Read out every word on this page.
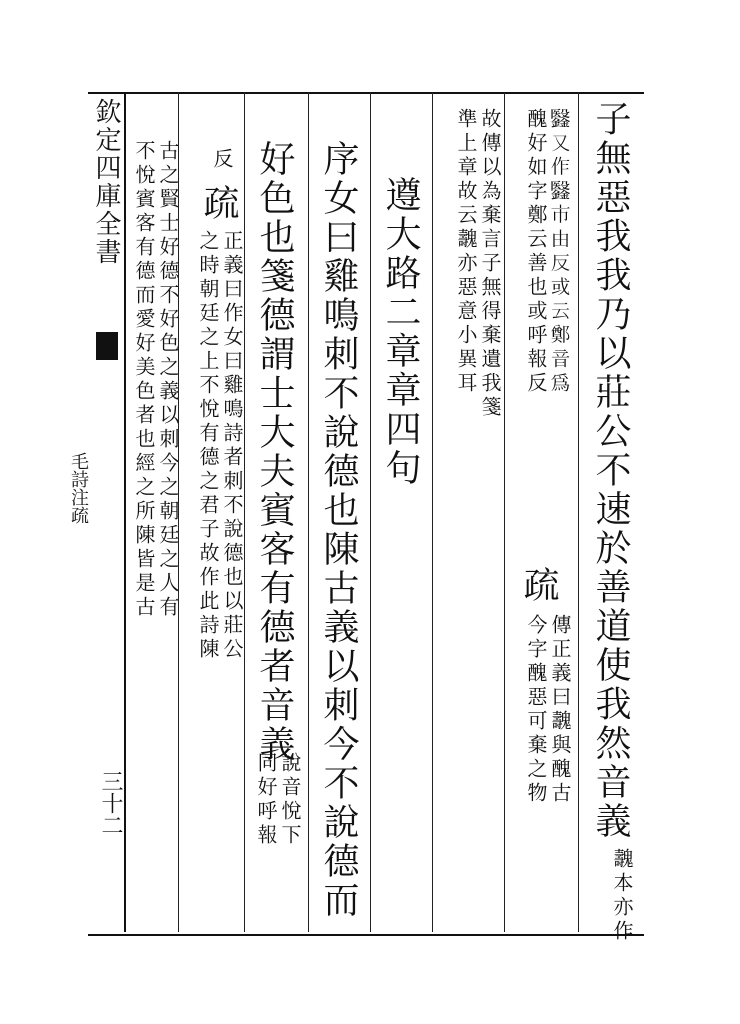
欽定四庫全書
毛詩注疏
三十二	子無惡我我乃以莊公不速於善道使我然音義
魗本亦作
𣫫又作𣫫市由反或云鄭音為
醜好如字鄭云善也或呼報反
疏
傳正義曰魗與醜古
今字醜惡可棄之物
故傳以為棄言子無得棄遺我箋
準上章故云魗亦惡意小異耳
遵大路二章章四句
序女曰雞鳴刺不說德也陳古義以刺今不說德而
好色也箋德謂士大夫賓客有德者音義
說音悅下
同好呼報
反
疏
正義曰作女曰雞鳴詩者刺不說德也以莊公
之時朝廷之上不悅有德之君子故作此詩陳
古之賢士好德不好色之義以刺今之朝廷之人有
不悅賓客有德而愛好美色者也經之所陳皆是古
